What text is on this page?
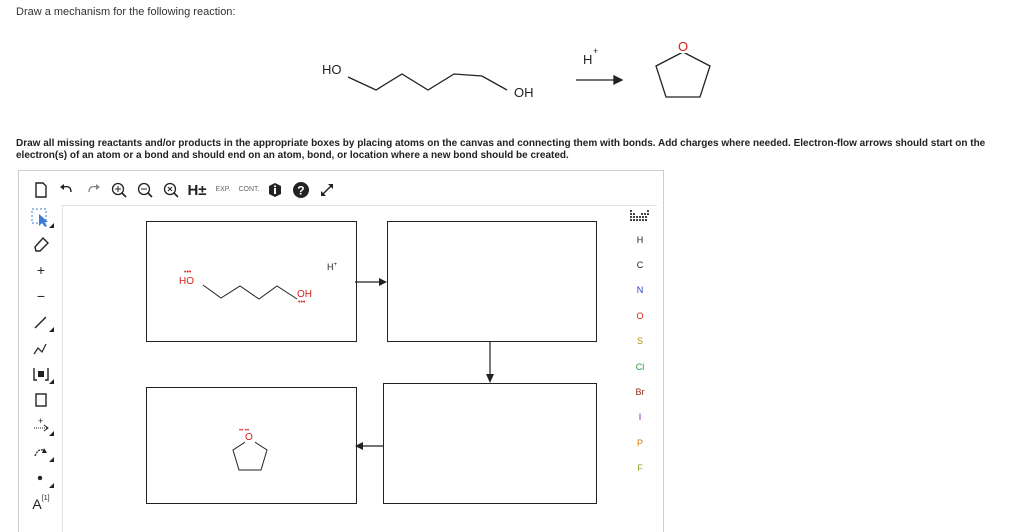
Draw a mechanism for the following reaction:
HO
OH
H
+	O
Draw all missing reactants and/or products in the appropriate boxes by placing atoms on the canvas and connecting them with bonds. Add charges where needed. Electron-flow arrows should start on the electron(s) of an atom or a bond and should end on an atom, bond, or location where a new bond should be created.
H±	EXP. CONT.	?
+
−
+
A [1]
HO
•••
OH
•••
H+
O
•• ••
H
C
N
O
S
Cl
Br
I
P
F
